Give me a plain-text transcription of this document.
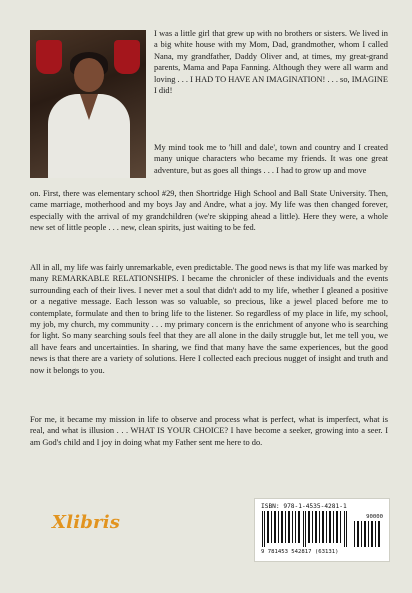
I was a little girl that grew up with no brothers or sisters. We lived in a big white house with my Mom, Dad, grandmother, whom I called Nana, my grandfather, Daddy Oliver and, at times, my great-grand parents, Mama and Papa Fanning. Although they were all warm and loving . . . I HAD TO HAVE AN IMAGINATION! . . . so, IMAGINE I did!

My mind took me to 'hill and dale', town and country and I created many unique characters who became my friends. It was one great adventure, but as goes all things . . . I had to grow up and move

on. First, there was elementary school #29, then Shortridge High School and Ball State University. Then, came marriage, motherhood and my boys Jay and Andre, what a joy. My life was then changed forever, especially with the arrival of my grandchildren (we're skipping ahead a little). Here they were, a whole new set of little people . . . new, clean spirits, just waiting to be fed.

All in all, my life was fairly unremarkable, even predictable. The good news is that my life was marked by many REMARKABLE RELATIONSHIPS. I became the chronicler of these individuals and the events surrounding each of their lives. I never met a soul that didn't add to my life, whether I gleaned a positive or a negative message. Each lesson was so valuable, so precious, like a jewel placed before me to contemplate, formulate and then to bring life to the listener. So regardless of my place in life, my school, my job, my church, my community . . . my primary concern is the enrichment of anyone who is searching for light. So many searching souls feel that they are all alone in the daily struggle but, let me tell you, we all have fears and uncertainties. In sharing, we find that many have the same experiences, but the good news is that there are a variety of solutions. Here I collected each precious nugget of insight and truth and now it belongs to you.

For me, it became my mission in life to observe and process what is perfect, what is imperfect, what is real, and what is illusion . . . WHAT IS YOUR CHOICE? I have become a seeker, growing into a seer. I am God's child and I joy in doing what my Father sent me here to do.

Xlibris
ISBN: 978-1-4535-4281-1
90000
9 781453 542817 (63131)
